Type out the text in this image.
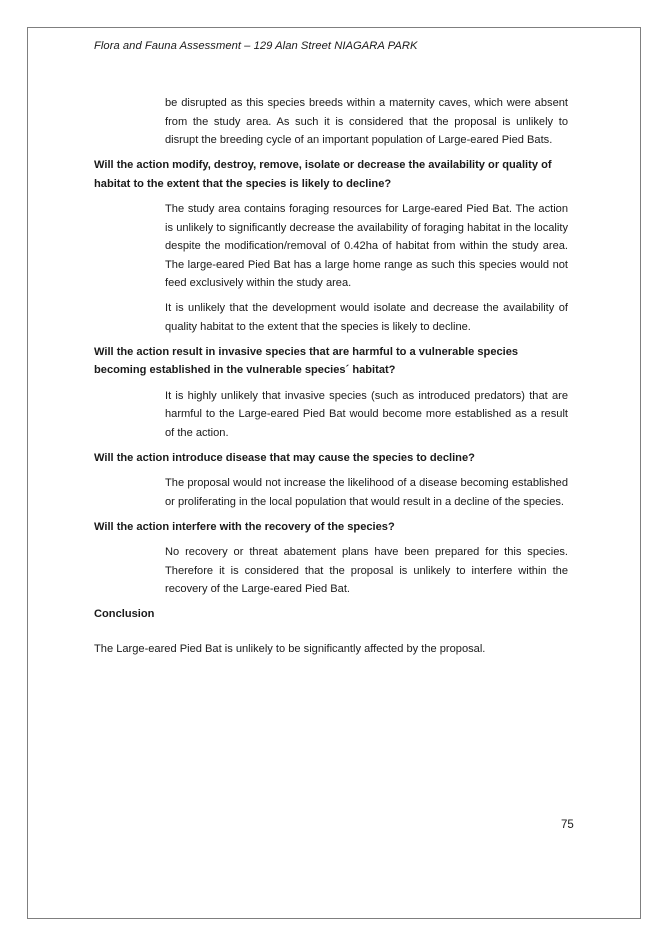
Flora and Fauna Assessment – 129 Alan Street NIAGARA PARK

be disrupted as this species breeds within a maternity caves, which were absent from the study area. As such it is considered that the proposal is unlikely to disrupt the breeding cycle of an important population of Large-eared Pied Bats.

Will the action modify, destroy, remove, isolate or decrease the availability or quality of habitat to the extent that the species is likely to decline?

The study area contains foraging resources for Large-eared Pied Bat. The action is unlikely to significantly decrease the availability of foraging habitat in the locality despite the modification/removal of 0.42ha of habitat from within the study area. The large-eared Pied Bat has a large home range as such this species would not feed exclusively within the study area.

It is unlikely that the development would isolate and decrease the availability of quality habitat to the extent that the species is likely to decline.

Will the action result in invasive species that are harmful to a vulnerable species becoming established in the vulnerable species´ habitat?

It is highly unlikely that invasive species (such as introduced predators) that are harmful to the Large-eared Pied Bat would become more established as a result of the action.

Will the action introduce disease that may cause the species to decline?

The proposal would not increase the likelihood of a disease becoming established or proliferating in the local population that would result in a decline of the species.

Will the action interfere with the recovery of the species?

No recovery or threat abatement plans have been prepared for this species. Therefore it is considered that the proposal is unlikely to interfere within the recovery of the Large-eared Pied Bat.

Conclusion

The Large-eared Pied Bat is unlikely to be significantly affected by the proposal.

75
